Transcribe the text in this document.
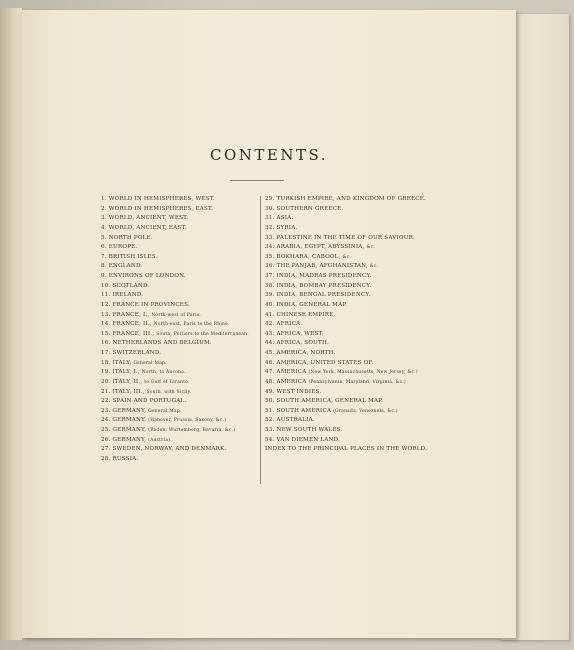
CONTENTS.
1. WORLD IN HEMISPHERES, WEST.
2. WORLD IN HEMISPHERES, EAST.
3. WORLD, ANCIENT, WEST.
4. WORLD, ANCIENT, EAST.
5. NORTH POLE.
6. EUROPE.
7. BRITISH ISLES.
8. ENGLAND.
9. ENVIRONS OF LONDON.
10. SCOTLAND.
11. IRELAND.
12. FRANCE IN PROVINCES.
13. FRANCE, I., North-west of Paris.
14. FRANCE, II., North-east, Paris to the Rhine.
15. FRANCE, III., South, Poitiers to the Mediterranean.
16. NETHERLANDS AND BELGIUM.
17. SWITZERLAND.
18. ITALY, General Map.
19. ITALY, I., North, to Ancona.
20. ITALY, II., to Gulf of Taranto.
21. ITALY, III., South, with Sicily.
22. SPAIN AND PORTUGAL.
23. GERMANY, General Map.
24. GERMANY, (Hanover, Prussia, Saxony, &c.)
25. GERMANY, (Baden, Wurtemberg, Bavaria, &c.)
26. GERMANY, (Austria).
27. SWEDEN, NORWAY, AND DENMARK.
28. RUSSIA.
29. TURKISH EMPIRE, AND KINGDOM OF GREECE.
30. SOUTHERN GREECE.
31. ASIA.
32. SYRIA.
33. PALESTINE IN THE TIME OF OUR SAVIOUR.
34. ARABIA, EGYPT, ABYSSINIA, &c.
35. BOKHARA, CABOOL, &c.
36. THE PANJAB, AFGHANISTAN, &c.
37. INDIA, MADRAS PRESIDENCY.
38. INDIA, BOMBAY PRESIDENCY.
39. INDIA, BENGAL PRESIDENCY.
40. INDIA, GENERAL MAP.
41. CHINESE EMPIRE.
42. AFRICA.
43. AFRICA, WEST.
44. AFRICA, SOUTH.
45. AMERICA, NORTH.
46. AMERICA, UNITED STATES OF.
47. AMERICA (New York, Massachusetts, New Jersey, &c.)
48. AMERICA (Pennsylvania, Maryland, Virginia, &c.)
49. WEST INDIES.
50. SOUTH AMERICA, GENERAL MAP.
51. SOUTH AMERICA (Granada, Venezuela, &c.)
52. AUSTRALIA.
53. NEW SOUTH WALES.
54. VAN DIEMEN LAND.
INDEX TO THE PRINCIPAL PLACES IN THE WORLD.
